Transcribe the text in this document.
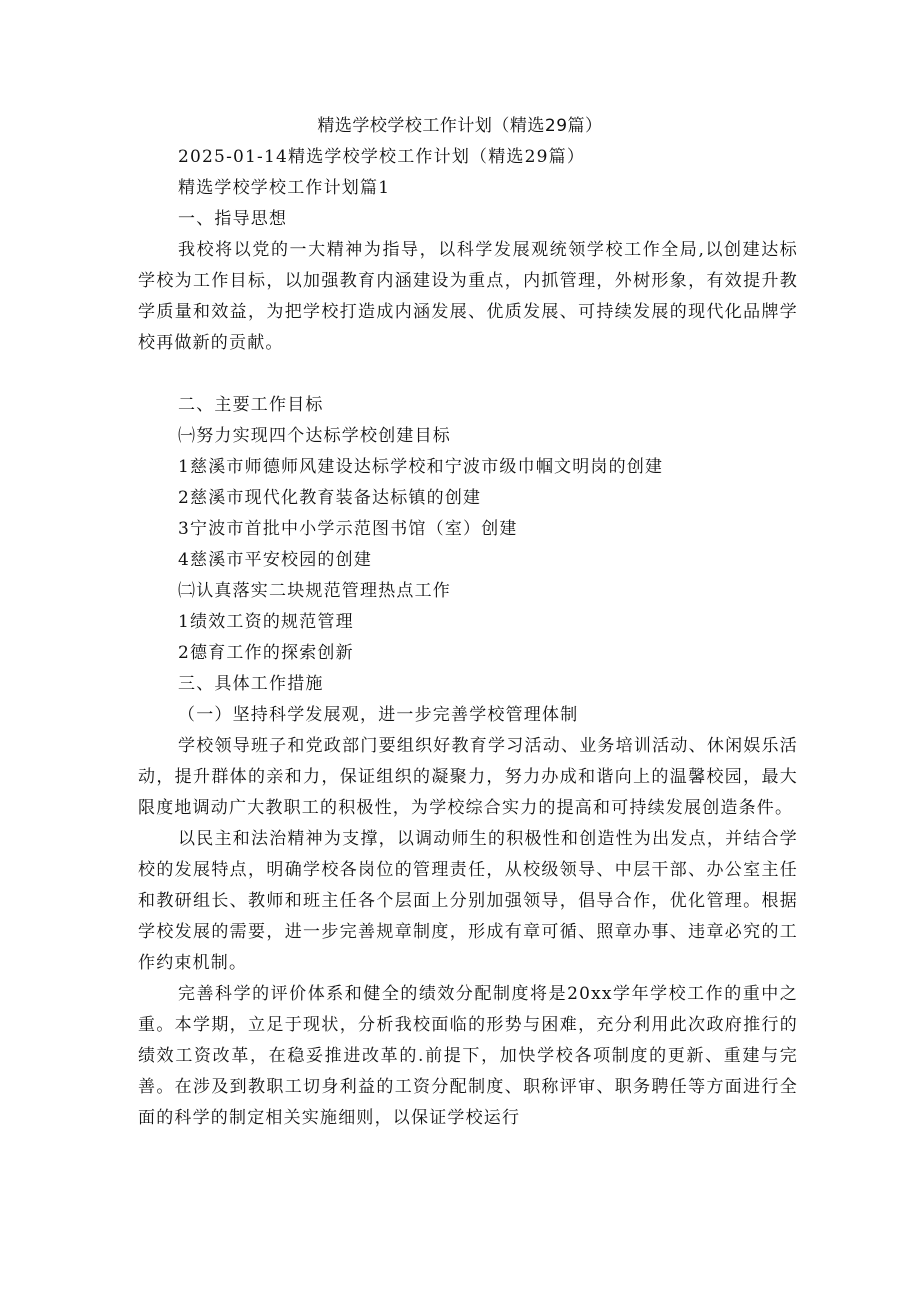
精选学校学校工作计划（精选29篇）
2025-01-14精选学校学校工作计划（精选29篇）
精选学校学校工作计划篇1
一、指导思想
我校将以党的一大精神为指导，以科学发展观统领学校工作全局,以创建达标学校为工作目标，以加强教育内涵建设为重点，内抓管理，外树形象，有效提升教学质量和效益，为把学校打造成内涵发展、优质发展、可持续发展的现代化品牌学校再做新的贡献。
二、主要工作目标
㈠努力实现四个达标学校创建目标
1慈溪市师德师风建设达标学校和宁波市级巾帼文明岗的创建
2慈溪市现代化教育装备达标镇的创建
3宁波市首批中小学示范图书馆（室）创建
4慈溪市平安校园的创建
㈡认真落实二块规范管理热点工作
1绩效工资的规范管理
2德育工作的探索创新
三、具体工作措施
（一）坚持科学发展观，进一步完善学校管理体制
学校领导班子和党政部门要组织好教育学习活动、业务培训活动、休闲娱乐活动，提升群体的亲和力，保证组织的凝聚力，努力办成和谐向上的温馨校园，最大限度地调动广大教职工的积极性，为学校综合实力的提高和可持续发展创造条件。
以民主和法治精神为支撑，以调动师生的积极性和创造性为出发点，并结合学校的发展特点，明确学校各岗位的管理责任，从校级领导、中层干部、办公室主任和教研组长、教师和班主任各个层面上分别加强领导，倡导合作，优化管理。根据学校发展的需要，进一步完善规章制度，形成有章可循、照章办事、违章必究的工作约束机制。
完善科学的评价体系和健全的绩效分配制度将是20xx学年学校工作的重中之重。本学期，立足于现状，分析我校面临的形势与困难，充分利用此次政府推行的绩效工资改革，在稳妥推进改革的.前提下，加快学校各项制度的更新、重建与完善。在涉及到教职工切身利益的工资分配制度、职称评审、职务聘任等方面进行全面的科学的制定相关实施细则，以保证学校运行
